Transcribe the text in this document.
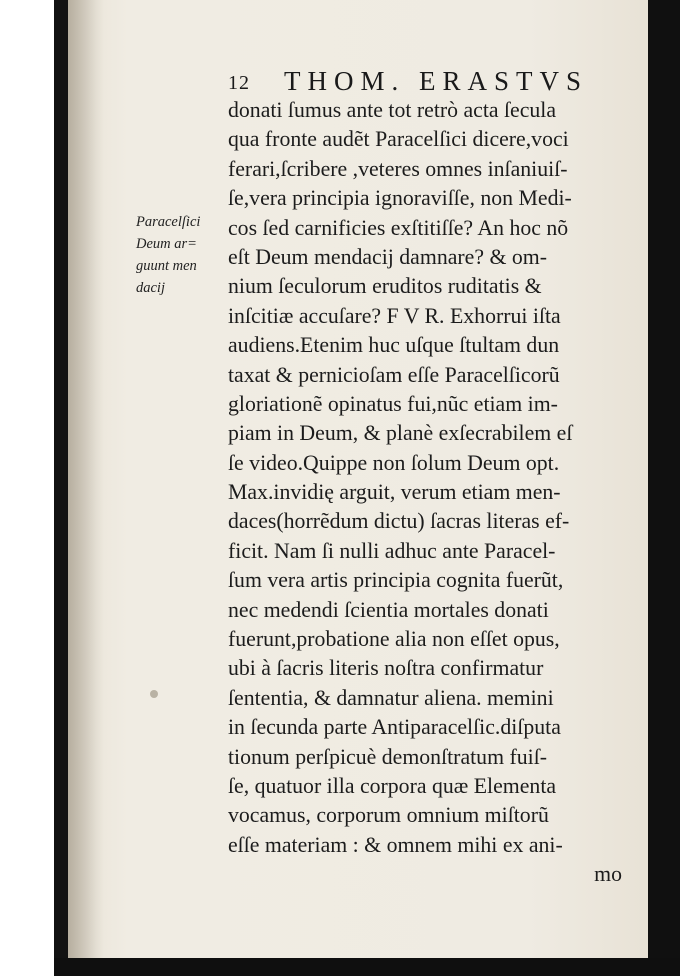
12 THOM. ERASTVS
Paracelſici
Deum ar=
guunt men
dacij
donati ſumus ante tot retrò acta ſecula
qua fronte audẽt Paracelſici dicere,voci
ferari,ſcribere ,veteres omnes inſaniuiſ-
ſe,vera principia ignoraviſſe, non Medi-
cos ſed carnificies exſtitiſſe? An hoc nõ
eſt Deum mendacij damnare? & om-
nium ſeculorum eruditos ruditatis &
inſcitiæ accuſare? F V R. Exhorrui iſta
audiens.Etenim huc uſque ſtultam dun
taxat & pernicioſam eſſe Paracelſicorũ
gloriationẽ opinatus fui,nũc etiam im-
piam in Deum, & planè exſecrabilem eſ
ſe video.Quippe non ſolum Deum opt.
Max.invidię arguit, verum etiam men-
daces(horrẽdum dictu) ſacras literas ef-
ficit. Nam ſi nulli adhuc ante Paracel-
ſum vera artis principia cognita fuerũt,
nec medendi ſcientia mortales donati
fuerunt,probatione alia non eſſet opus,
ubi à ſacris literis noſtra confirmatur
ſententia, & damnatur aliena. memini
in ſecunda parte Antiparacelſic.diſputa
tionum perſpicuè demonſtratum fuiſ-
ſe, quatuor illa corpora quæ Elementa
vocamus, corporum omnium miſtorũ
eſſe materiam : & omnem mihi ex ani-
mo
